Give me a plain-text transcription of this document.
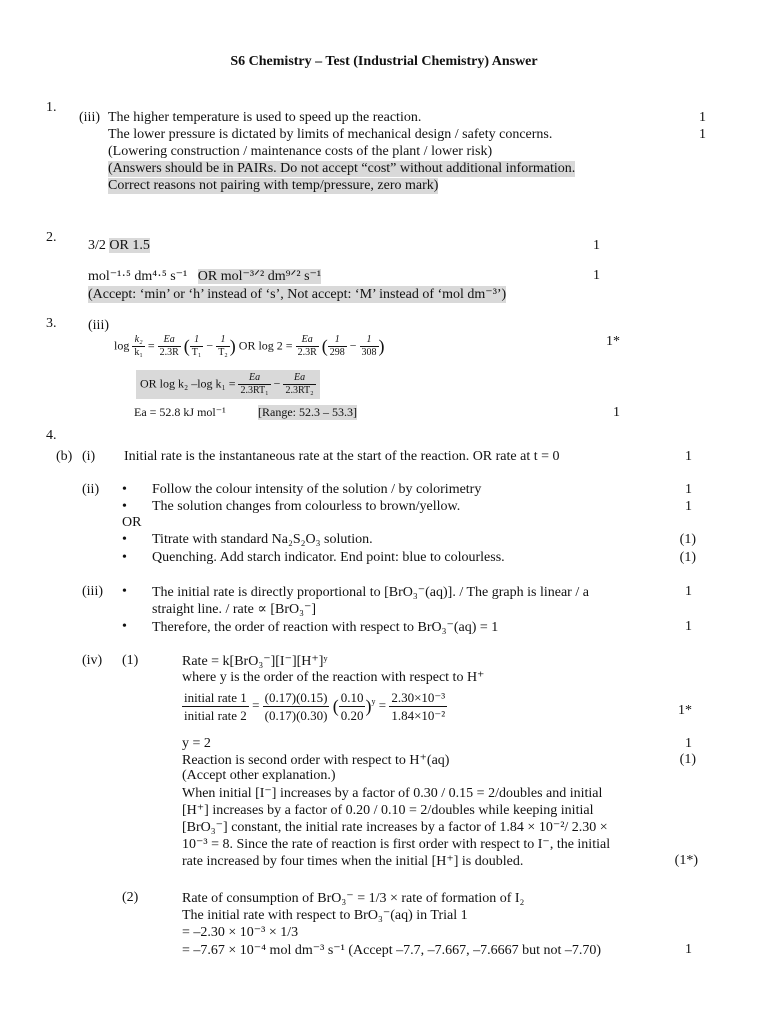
S6 Chemistry – Test (Industrial Chemistry) Answer
1.
(iii) The higher temperature is used to speed up the reaction.	1
The lower pressure is dictated by limits of mechanical design / safety concerns.	1
(Lowering construction / maintenance costs of the plant / lower risk)
(Answers should be in PAIRs. Do not accept “cost” without additional information.
Correct reasons not pairing with temp/pressure, zero mark)
2.
3/2 OR 1.5	1
mol⁻¹·⁵ dm⁴·⁵ s⁻¹ OR mol⁻³ᐟ² dm⁹ᐟ² s⁻¹	1
(Accept: ‘min’ or ‘h’ instead of ‘s’, Not accept: ‘M’ instead of ‘mol dm⁻³’)
3. (iii)
$\log \frac{\text{k₂}}{\text{k₁}} = \frac{Ea}{2.3R}$ ( $\frac{1}{\text{T₁}} - \frac{1}{\text{T₂}}$ ) OR $\log 2 = \frac{Ea}{2.3R}$ ( $\frac{1}{298} - \frac{1}{308}$ )	1*
OR log k₂ –log $k_1 = \frac{Ea}{\text{2.3RT₁}} - \frac{Ea}{\text{2.3RT₂}}$
Ea = 52.8 kJ mol⁻¹	[Range: 52.3 – 53.3]	1
4.
(b) (i) Initial rate is the instantaneous rate at the start of the reaction. OR rate at t = 0	1
(ii) • Follow the colour intensity of the solution / by colorimetry	1
• The solution changes from colourless to brown/yellow.	1
OR
• Titrate with standard Na₂S₂O₃ solution.	(1)
• Quenching. Add starch indicator. End point: blue to colourless.	(1)
(iii) • The initial rate is directly proportional to [BrO₃⁻(aq)]. / The graph is linear / a	1
straight line. / rate ∝ [BrO₃⁻]
• Therefore, the order of reaction with respect to BrO₃⁻(aq) = 1	1
(iv) (1)	Rate = k[BrO₃⁻][I⁻][H⁺]ʸ
where y is the order of the reaction with respect to H⁺
$\frac{\text{initial rate 1}}{\text{initial rate 2}} = \frac{(0.17)(0.15)}{(0.17)(0.30)}$ ( $\frac{0.10}{0.20} )^y = \frac{\text{2.30×10⁻³}}{\text{1.84×10⁻²}}$	1*
y = 2	1
Reaction is second order with respect to H⁺(aq)	(1)
(Accept other explanation.)
When initial [I⁻] increases by a factor of 0.30 / 0.15 = 2/doubles and initial
[H⁺] increases by a factor of 0.20 / 0.10 = 2/doubles while keeping initial
[BrO₃⁻] constant, the initial rate increases by a factor of 1.84 × 10⁻²/ 2.30 ×
10⁻³ = 8. Since the rate of reaction is first order with respect to I⁻, the initial
rate increased by four times when the initial [H⁺] is doubled.	(1*)
(2)	Rate of consumption of BrO₃⁻ = 1/3 × rate of formation of I₂
The initial rate with respect to BrO₃⁻(aq) in Trial 1
= –2.30 × 10⁻³ × 1/3
= –7.67 × 10⁻⁴ mol dm⁻³ s⁻¹ (Accept –7.7, –7.667, –7.6667 but not –7.70)	1
